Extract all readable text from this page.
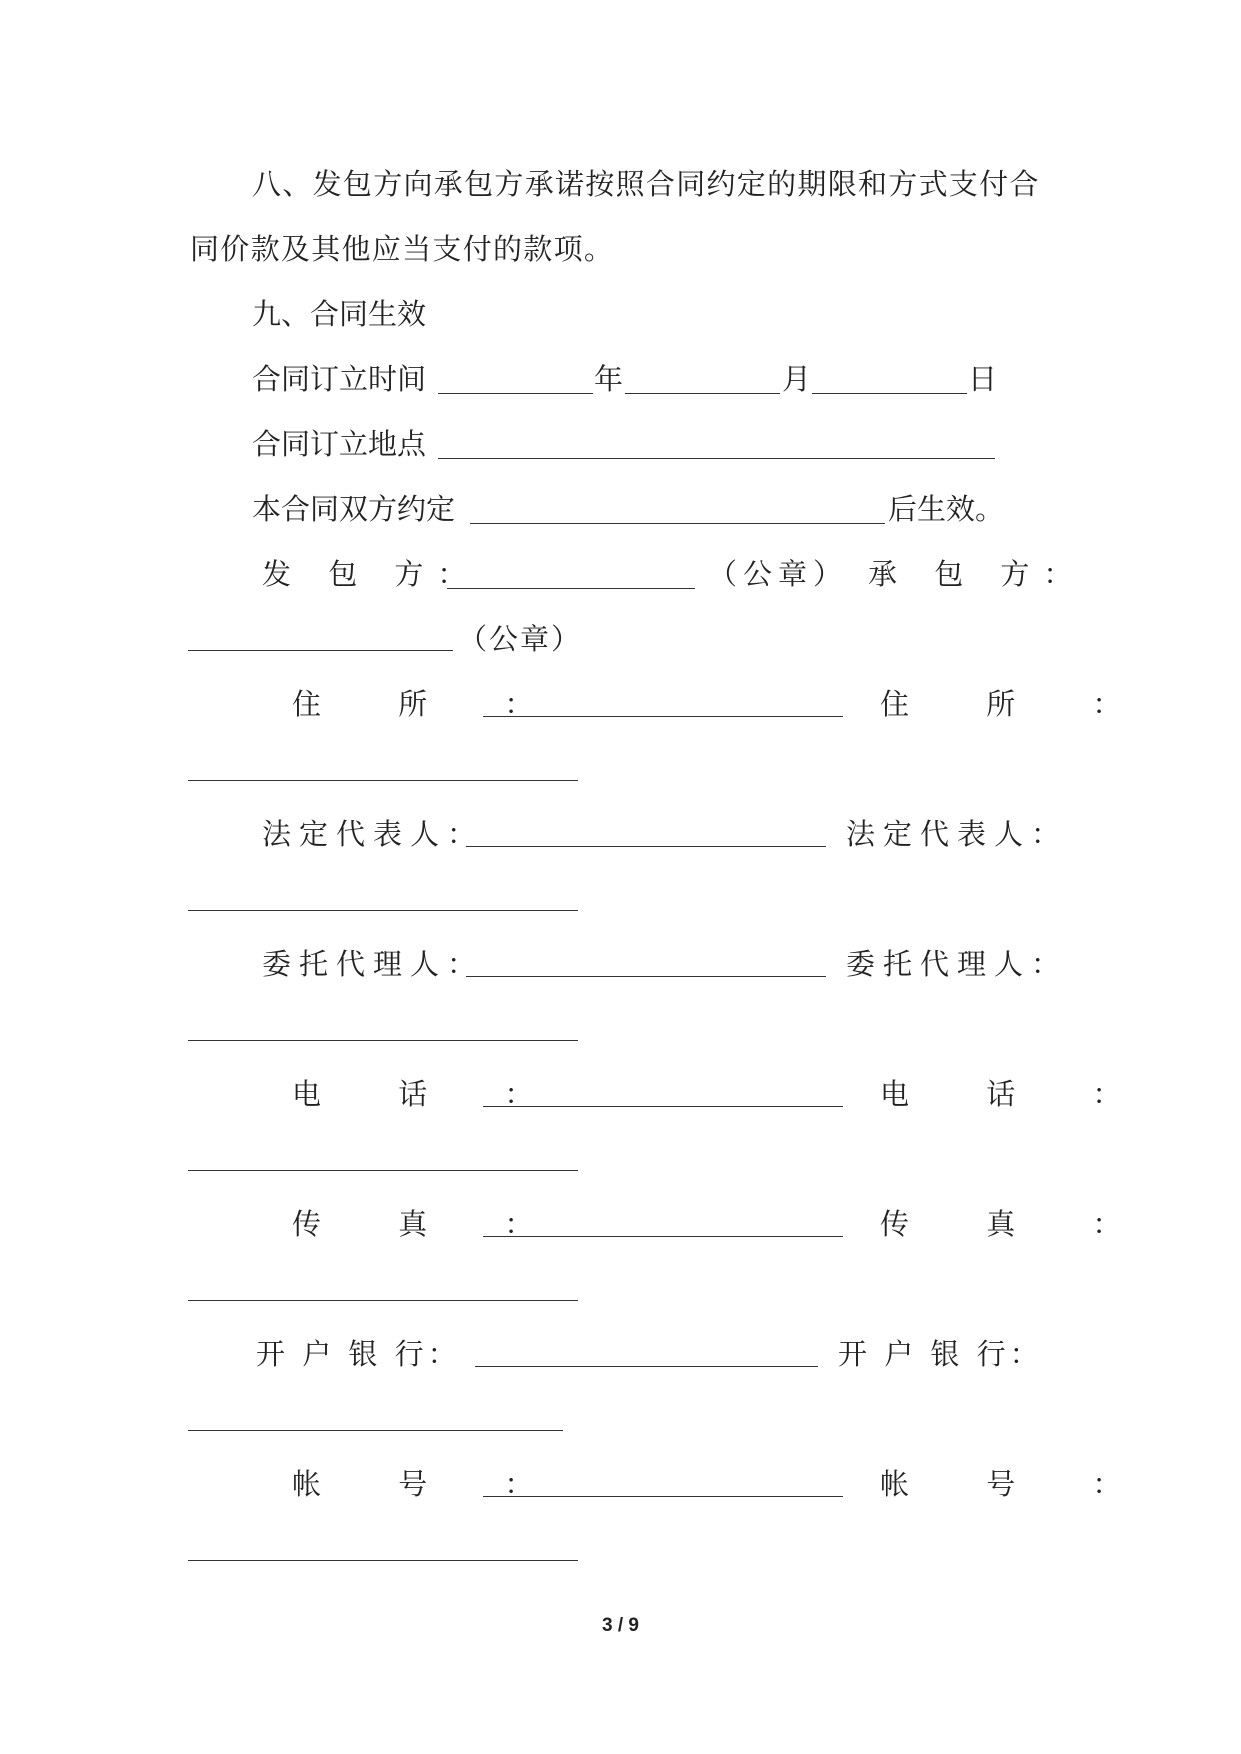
八、发包方向承包方承诺按照合同约定的期限和方式支付合
同价款及其他应当支付的款项。
九、合同生效
合同订立时间	年	月	日
合同订立地点
本合同双方约定	后生效。
发 包 方：	（公章） 承 包 方：
（公章）
住 所 ：	住 所 ：
法定代表人：	法定代表人：
委托代理人：	委托代理人：
电 话 ：	电 话 ：
传 真 ：	传 真 ：
开 户 银 行：	开 户 银 行：
帐 号 ：	帐 号 ：
3 / 9
